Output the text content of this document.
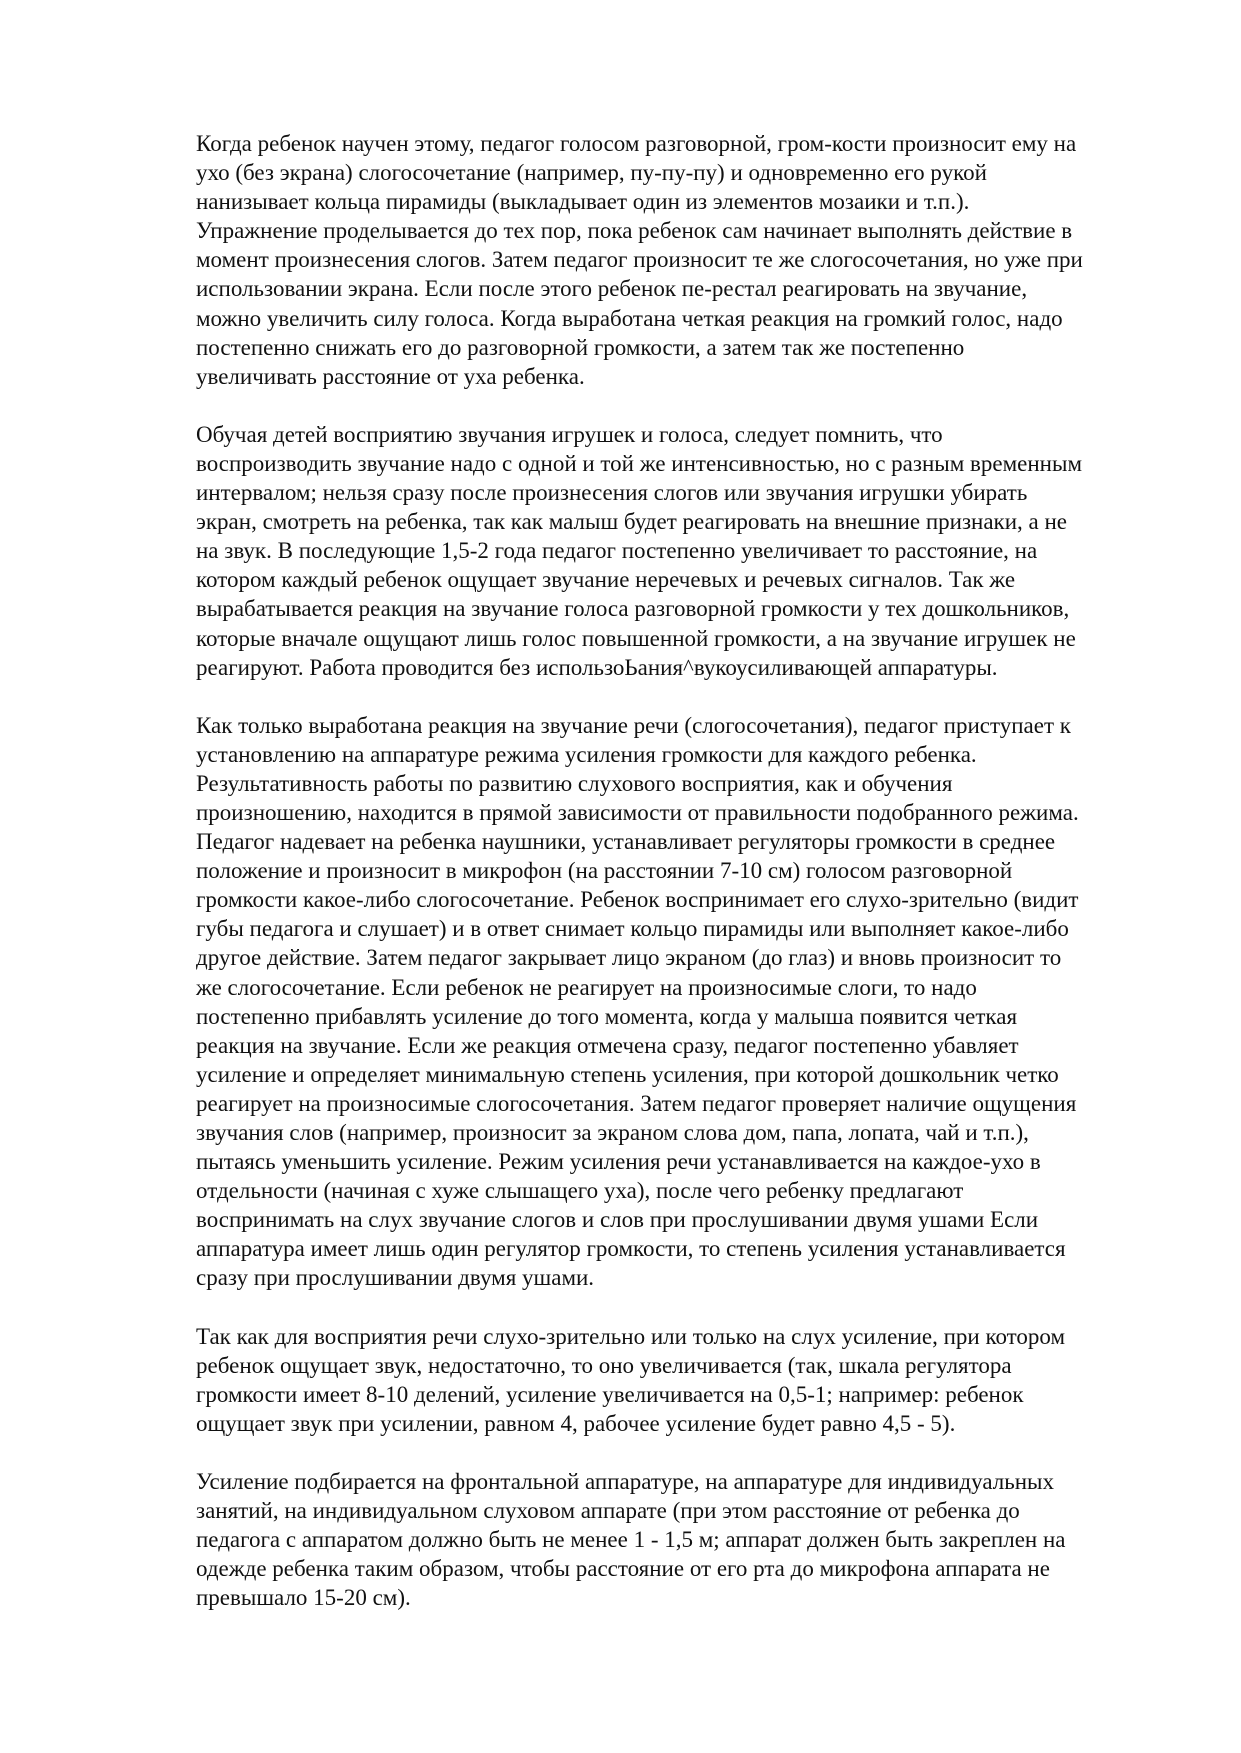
Когда ребенок научен этому, педагог голосом разговорной, гром-кости произносит ему на
ухо (без экрана) слогосочетание (например, пу-пу-пу) и одновременно его рукой
нанизывает кольца пирамиды (выкладывает один из элементов мозаики и т.п.).
Упражнение проделывается до тех пор, пока ребенок сам начинает выполнять действие в
момент произнесения слогов. Затем педагог произносит те же слогосочетания, но уже при
использовании экрана. Если после этого ребенок пе-рестал реагировать на звучание,
можно увеличить силу голоса. Когда выработана четкая реакция на громкий голос, надо
постепенно снижать его до разговорной громкости, а затем так же постепенно
увеличивать расстояние от уха ребенка.
Обучая детей восприятию звучания игрушек и голоса, следует помнить, что
воспроизводить звучание надо с одной и той же интенсивностью, но с разным временным
интервалом; нельзя сразу после произнесения слогов или звучания игрушки убирать
экран, смотреть на ребенка, так как малыш будет реагировать на внешние признаки, а не
на звук. В последующие 1,5-2 года педагог постепенно увеличивает то расстояние, на
котором каждый ребенок ощущает звучание неречевых и речевых сигналов. Так же
вырабатывается реакция на звучание голоса разговорной громкости у тех дошкольников,
которые вначале ощущают лишь голос повышенной громкости, а на звучание игрушек не
реагируют. Работа проводится без использоЬания^вукоусиливающей аппаратуры.
Как только выработана реакция на звучание речи (слогосочетания), педагог приступает к
установлению на аппаратуре режима усиления громкости для каждого ребенка.
Результативность работы по развитию слухового восприятия, как и обучения
произношению, находится в прямой зависимости от правильности подобранного режима.
Педагог надевает на ребенка наушники, устанавливает регуляторы громкости в среднее
положение и произносит в микрофон (на расстоянии 7-10 см) голосом разговорной
громкости какое-либо слогосочетание. Ребенок воспринимает его слухо-зрительно (видит
губы педагога и слушает) и в ответ снимает кольцо пирамиды или выполняет какое-либо
другое действие. Затем педагог закрывает лицо экраном (до глаз) и вновь произносит то
же слогосочетание. Если ребенок не реагирует на произносимые слоги, то надо
постепенно прибавлять усиление до того момента, когда у малыша появится четкая
реакция на звучание. Если же реакция отмечена сразу, педагог постепенно убавляет
усиление и определяет минимальную степень усиления, при которой дошкольник четко
реагирует на произносимые слогосочетания. Затем педагог проверяет наличие ощущения
звучания слов (например, произносит за экраном слова дом, папа, лопата, чай и т.п.),
пытаясь уменьшить усиление. Режим усиления речи устанавливается на каждое-ухо в
отдельности (начиная с хуже слышащего уха), после чего ребенку предлагают
воспринимать на слух звучание слогов и слов при прослушивании двумя ушами Если
аппаратура имеет лишь один регулятор громкости, то степень усиления устанавливается
сразу при прослушивании двумя ушами.
Так как для восприятия речи слухо-зрительно или только на слух усиление, при котором
ребенок ощущает звук, недостаточно, то оно увеличивается (так, шкала регулятора
громкости имеет 8-10 делений, усиление увеличивается на 0,5-1; например: ребенок
ощущает звук при усилении, равном 4, рабочее усиление будет равно 4,5 - 5).
Усиление подбирается на фронтальной аппаратуре, на аппаратуре для индивидуальных
занятий, на индивидуальном слуховом аппарате (при этом расстояние от ребенка до
педагога с аппаратом должно быть не менее 1 - 1,5 м; аппарат должен быть закреплен на
одежде ребенка таким образом, чтобы расстояние от его рта до микрофона аппарата не
превышало 15-20 см).
